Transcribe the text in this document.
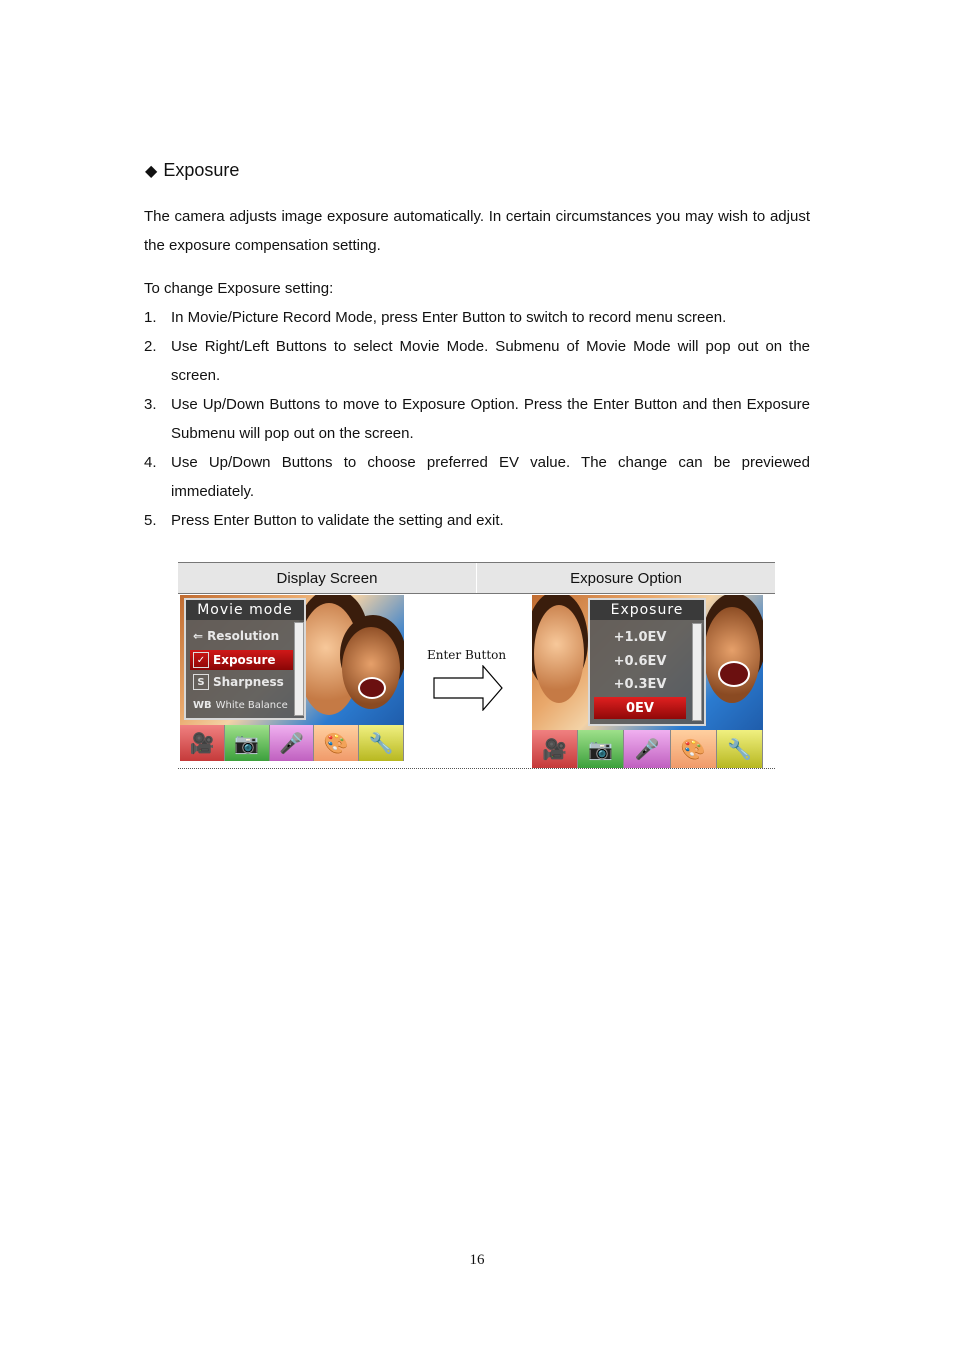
◆ Exposure
The camera adjusts image exposure automatically. In certain circumstances you may wish to adjust the exposure compensation setting.
To change Exposure setting:
1. In Movie/Picture Record Mode, press Enter Button to switch to record menu screen.
2. Use Right/Left Buttons to select Movie Mode. Submenu of Movie Mode will pop out on the screen.
3. Use Up/Down Buttons to move to Exposure Option. Press the Enter Button and then Exposure Submenu will pop out on the screen.
4. Use Up/Down Buttons to choose preferred EV value. The change can be previewed immediately.
5. Press Enter Button to validate the setting and exit.
Display Screen	Exposure Option
Movie mode
⇐ Resolution
✓ Exposure
S Sharpness
WB White Balance
🎥 📷 🎤 🎨 🔧
Enter Button
Exposure
+1.0EV
+0.6EV
+0.3EV
0EV
🎥	📷	🎤	🎨	🔧
16
